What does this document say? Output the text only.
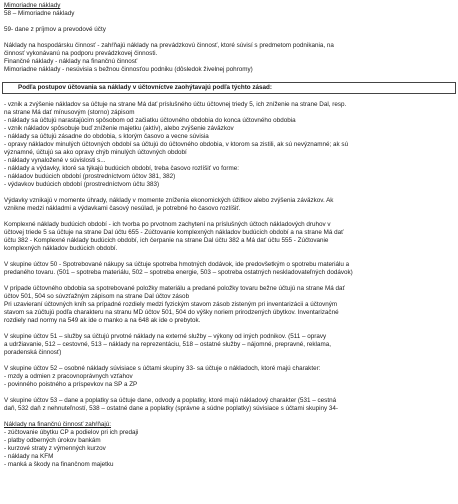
Mimoriadne náklady
58 – Mimoriadne náklady
59- dane z príjmov a prevodové účty
Náklady na hospodársku činnosť - zahŕňajú náklady na prevádzkovú činnosť, ktoré súvisí s predmetom podnikania, na
činnosť vykonávanú na podporu prevádzkovej činnosti.
Finančné náklady - náklady na finančnú činnosť
Mimoriadne náklady - nesúvisia s bežnou činnosťou podniku (dôsledok živelnej pohromy)
Podľa postupov účtovania sa náklady v účtovníctve zaohýtavajú podľa týchto zásad:
- vznik a zvýšenie nákladov sa účtuje na strane Má dať príslušného účtu účtovnej triedy 5, ich zníženie na strane Dal, resp.
na strane Má dať mínusovým (storno) zápisom
- náklady sa účtujú narastajúcim spôsobom od začiatku účtovného obdobia do konca účtovného obdobia
- vznik nákladov spôsobuje buď zníženie majetku (aktív), alebo zvýšenie záväzkov
- náklady sa účtujú zásadne do obdobia, s ktorým časovo a vecne súvisia
- opravy nákladov minulých účtovných období sa účtujú do účtovného obdobia, v ktorom sa zistili, ak sú nevýznamné; ak sú
významné, účtujú sa ako opravy chýb minulých účtovných období
- náklady vynaložené v súvislosti s...
- náklady a výdavky, ktoré sa týkajú budúcich období, treba časovo rozlíšiť vo forme:
- nákladov budúcich období (prostredníctvom účtov 381, 382)
- výdavkov budúcich období (prostredníctvom účtu 383)
Výdavky vznikajú v momente úhrady, náklady v momente zníženia ekonomických úžitkov alebo zvýšenia záväzkov. Ak
vznikne medzi nákladmi a výdavkami časový nesúlad, je potrebné ho časovo rozlíšiť.
Komplexné náklady budúcich období - ich tvorba po prvotnom zachytení na príslušných účtoch nákladových druhov v
účtovej triede 5 sa účtuje na strane Dal účtu 655 - Zúčtovanie komplexných nákladov budúcich období a na strane Má dať
účtu 382 - Komplexné náklady budúcich období, ich čerpanie na strane Dal účtu 382 a Má dať účtu 555 - Zúčtovanie
komplexných nákladov budúcich období.
V skupine účtov 50 - Spotrebované nákupy sa účtuje spotreba hmotných dodávok, ide predovšetkým o spotrebu materiálu a
predaného tovaru. (501 – spotreba materiálu, 502 – spotreba energie, 503 – spotreba ostatných neskladovateľných dodávok)
V prípade účtovného obdobia sa spotrebované položky materiálu a predané položky tovaru bežne účtujú na strane Má dať
účtov 501, 504 so súvzťažným zápisom na strane Dal účtov zásob
Pri uzavieraní účtovných kníh sa prípadné rozdiely medzi fyzickým stavom zásob zisteným pri inventarizácii a účtovným
stavom sa zúčtujú podľa charakteru na stranu MD účtov 501, 504 do výšky noriem prirodzených úbytkov. Inventarizačné
rozdiely nad normy na 549 ak ide o manko a na 648 ak ide o prebytok.
V skupine účtov 51 – služby sa účtujú prvotné náklady na externé služby – výkony od iných podnikov. (511 – opravy
a udržiavanie, 512 – cestovné, 513 – náklady na reprezentáciu, 518 – ostatné služby – nájomné, prepravné, reklama,
poradenská činnosť)
V skupine účtov 52 – osobné náklady súvisiace s účtami skupiny 33- sa účtuje o nákladoch, ktoré majú charakter:
- mzdy a odmien z pracovnoprávnych vzťahov
- povinného poistného a príspevkov na SP a ZP
V skupine účtov 53 – dane a poplatky sa účtuje dane, odvody a poplatky, ktoré majú nákladový charakter (531 – cestná
daň, 532 daň z nehnuteľností, 538 – ostatné dane a poplatky (správne a súdne poplatky) súvisiace s účtami skupiny 34-
Náklady na finančnú činnosť zahŕňajú:
- zúčtovanie úbytku CP a podielov pri ich predaji
- platby odberných úrokov bankám
- kurzové straty z výmenných kurzov
- náklady na KFM
- manká a škody na finančnom majetku
